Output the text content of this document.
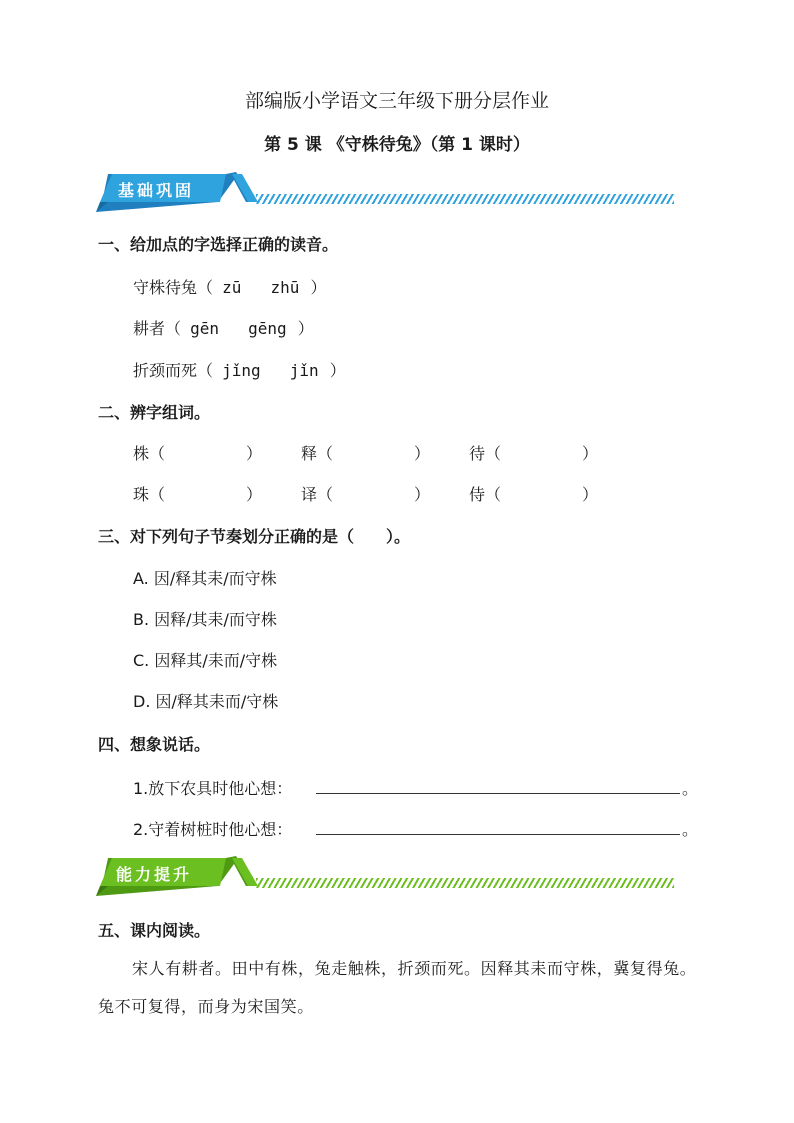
部编版小学语文三年级下册分层作业
第 5 课 《守株待兔》（第 1 课时）
基础巩固
一、给加点的字选择正确的读音。
守株待兔（ zū zhū ）
耕者（ gēn gēng ）
折颈而死（ jǐng jǐn ）
二、辨字组词。
株（	） 释（	） 待（	）
珠（	） 译（	） 侍（	）
三、对下列句子节奏划分正确的是（　　）。
A. 因/释其耒/而守株
B. 因释/其耒/而守株
C. 因释其/耒而/守株
D. 因/释其耒而/守株
四、想象说话。
1.放下农具时他心想：	。
2.守着树桩时他心想：	。
能力提升
五、课内阅读。
宋人有耕者。田中有株，兔走触株，折颈而死。因释其耒而守株，冀复得兔。兔不可复得，而身为宋国笑。
